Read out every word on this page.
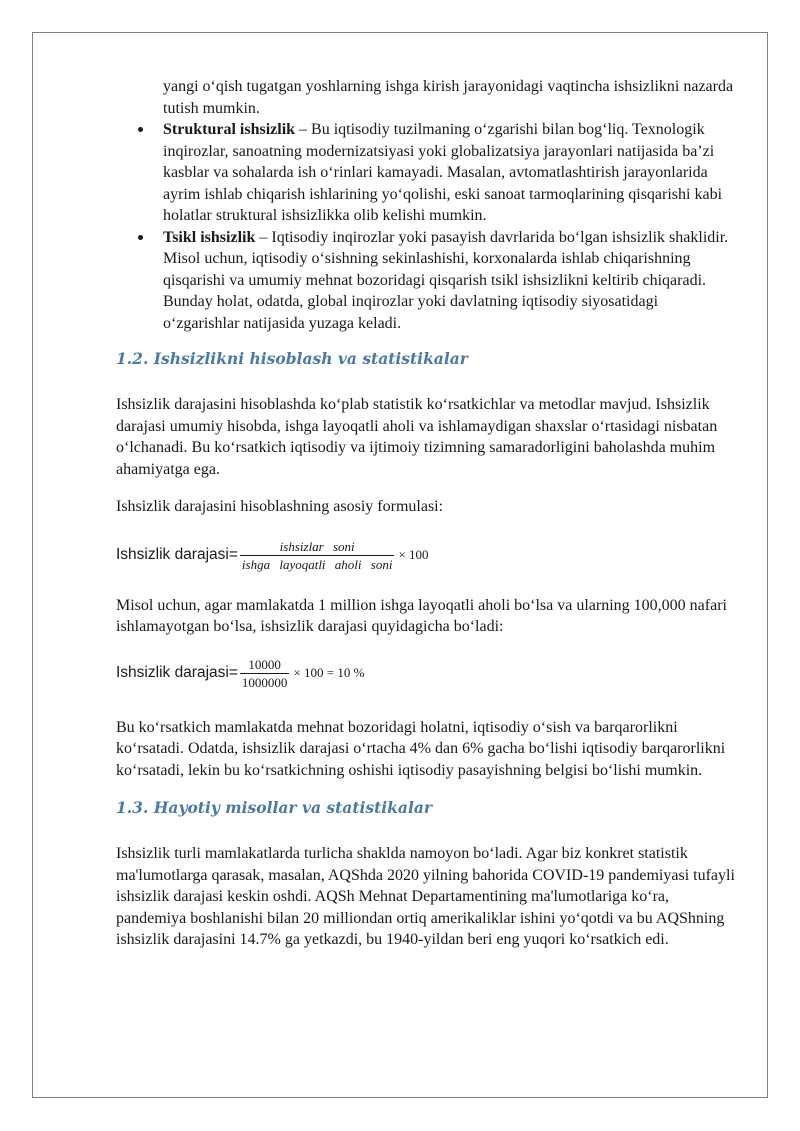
yangi o‘qish tugatgan yoshlarning ishga kirish jarayonidagi vaqtincha ishsizlikni nazarda tutish mumkin.

Struktural ishsizlik – Bu iqtisodiy tuzilmaning o‘zgarishi bilan bog‘liq. Texnologik inqirozlar, sanoatning modernizatsiyasi yoki globalizatsiya jarayonlari natijasida ba’zi kasblar va sohalarda ish o‘rinlari kamayadi. Masalan, avtomatlashtirish jarayonlarida ayrim ishlab chiqarish ishlarining yo‘qolishi, eski sanoat tarmoqlarining qisqarishi kabi holatlar struktural ishsizlikka olib kelishi mumkin.
Tsikl ishsizlik – Iqtisodiy inqirozlar yoki pasayish davrlarida bo‘lgan ishsizlik shaklidir. Misol uchun, iqtisodiy o‘sishning sekinlashishi, korxonalarda ishlab chiqarishning qisqarishi va umumiy mehnat bozoridagi qisqarish tsikl ishsizlikni keltirib chiqaradi. Bunday holat, odatda, global inqirozlar yoki davlatning iqtisodiy siyosatidagi o‘zgarishlar natijasida yuzaga keladi.
1.2. Ishsizlikni hisoblash va statistikalar

Ishsizlik darajasini hisoblashda ko‘plab statistik ko‘rsatkichlar va metodlar mavjud. Ishsizlik darajasi umumiy hisobda, ishga layoqatli aholi va ishlamaydigan shaxslar o‘rtasidagi nisbatan o‘lchanadi. Bu ko‘rsatkich iqtisodiy va ijtimoiy tizimning samaradorligini baholashda muhim ahamiyatga ega.

Ishsizlik darajasini hisoblashning asosiy formulasi:

Ishsizlik darajasi= $\frac{\text{ishsizlar soni}}{\text{ishga layoqatli aholi soni}} \times 100$

Misol uchun, agar mamlakatda 1 million ishga layoqatli aholi bo‘lsa va ularning 100,000 nafari ishlamayotgan bo‘lsa, ishsizlik darajasi quyidagicha bo‘ladi:

Ishsizlik darajasi= $\frac{10000}{1000000} \times 100 = 10$ %

Bu ko‘rsatkich mamlakatda mehnat bozoridagi holatni, iqtisodiy o‘sish va barqarorlikni ko‘rsatadi. Odatda, ishsizlik darajasi o‘rtacha 4% dan 6% gacha bo‘lishi iqtisodiy barqarorlikni ko‘rsatadi, lekin bu ko‘rsatkichning oshishi iqtisodiy pasayishning belgisi bo‘lishi mumkin.

1.3. Hayotiy misollar va statistikalar

Ishsizlik turli mamlakatlarda turlicha shaklda namoyon bo‘ladi. Agar biz konkret statistik ma'lumotlarga qarasak, masalan, AQShda 2020 yilning bahorida COVID-19 pandemiyasi tufayli ishsizlik darajasi keskin oshdi. AQSh Mehnat Departamentining ma'lumotlariga ko‘ra, pandemiya boshlanishi bilan 20 milliondan ortiq amerikaliklar ishini yo‘qotdi va bu AQShning ishsizlik darajasini 14.7% ga yetkazdi, bu 1940-yildan beri eng yuqori ko‘rsatkich edi.
